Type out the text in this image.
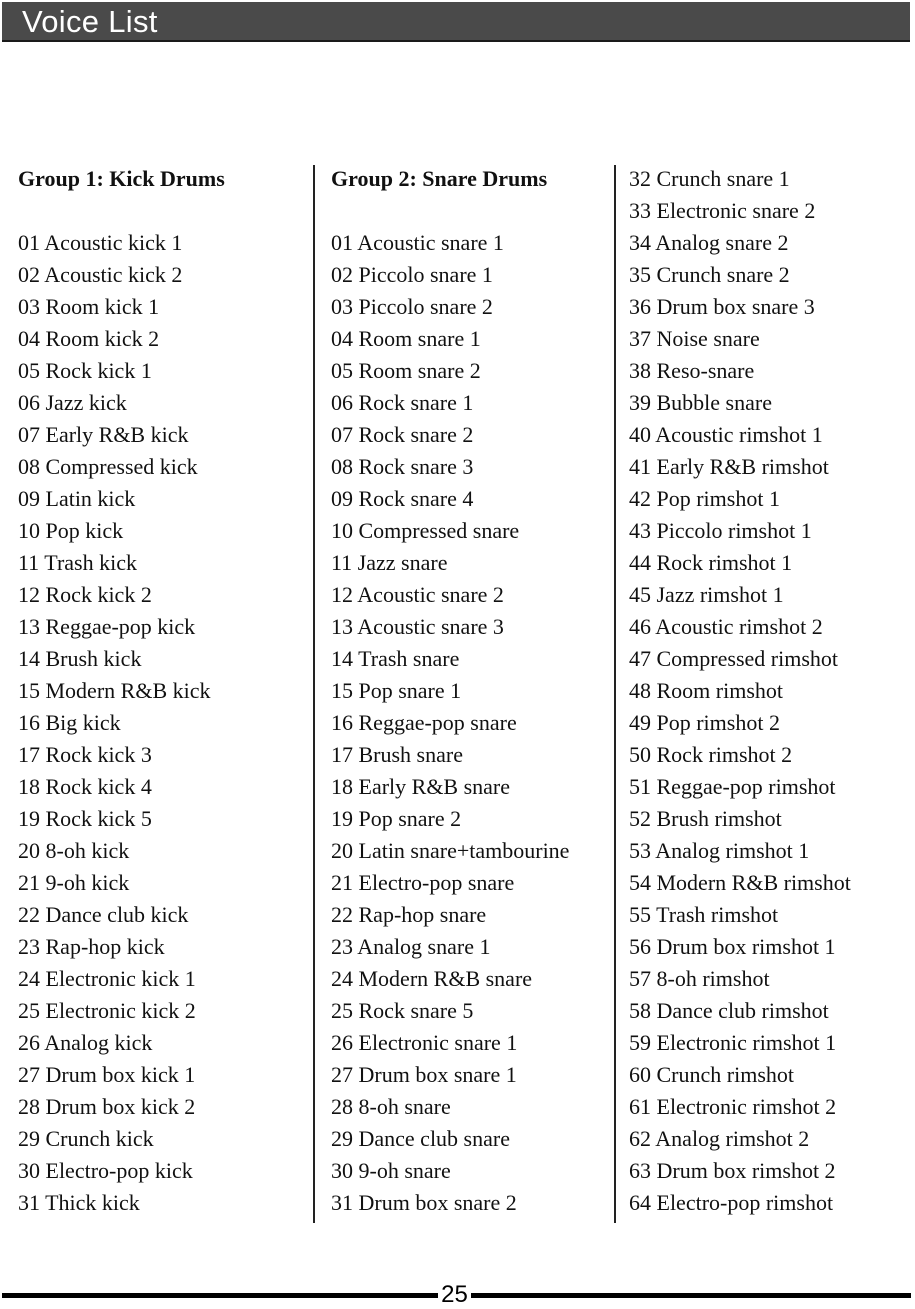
Voice List
Group 1: Kick Drums
01 Acoustic kick 1
02 Acoustic kick 2
03 Room kick 1
04 Room kick 2
05 Rock kick 1
06 Jazz kick
07 Early R&B kick
08 Compressed kick
09 Latin kick
10 Pop kick
11 Trash kick
12 Rock kick 2
13 Reggae-pop kick
14 Brush kick
15 Modern R&B kick
16 Big kick
17 Rock kick 3
18 Rock kick 4
19 Rock kick 5
20 8-oh kick
21 9-oh kick
22 Dance club kick
23 Rap-hop kick
24 Electronic kick 1
25 Electronic kick 2
26 Analog kick
27 Drum box kick 1
28 Drum box kick 2
29 Crunch kick
30 Electro-pop kick
31 Thick kick
Group 2: Snare Drums
01 Acoustic snare 1
02 Piccolo snare 1
03 Piccolo snare 2
04 Room snare 1
05 Room snare 2
06 Rock snare 1
07 Rock snare 2
08 Rock snare 3
09 Rock snare 4
10 Compressed snare
11 Jazz snare
12 Acoustic snare 2
13 Acoustic snare 3
14 Trash snare
15 Pop snare 1
16 Reggae-pop snare
17 Brush snare
18 Early R&B snare
19 Pop snare 2
20 Latin snare+tambourine
21 Electro-pop snare
22 Rap-hop snare
23 Analog snare 1
24 Modern R&B snare
25 Rock snare 5
26 Electronic snare 1
27 Drum box snare 1
28 8-oh snare
29 Dance club snare
30 9-oh snare
31 Drum box snare 2
32 Crunch snare 1
33 Electronic snare 2
34 Analog snare 2
35 Crunch snare 2
36 Drum box snare 3
37 Noise snare
38 Reso-snare
39 Bubble snare
40 Acoustic rimshot 1
41 Early R&B rimshot
42 Pop rimshot 1
43 Piccolo rimshot 1
44 Rock rimshot 1
45 Jazz rimshot 1
46 Acoustic rimshot 2
47 Compressed rimshot
48 Room rimshot
49 Pop rimshot 2
50 Rock rimshot 2
51 Reggae-pop rimshot
52 Brush rimshot
53 Analog rimshot 1
54 Modern R&B rimshot
55 Trash rimshot
56 Drum box rimshot 1
57 8-oh rimshot
58 Dance club rimshot
59 Electronic rimshot 1
60 Crunch rimshot
61 Electronic rimshot 2
62 Analog rimshot 2
63 Drum box rimshot 2
64 Electro-pop rimshot
25
